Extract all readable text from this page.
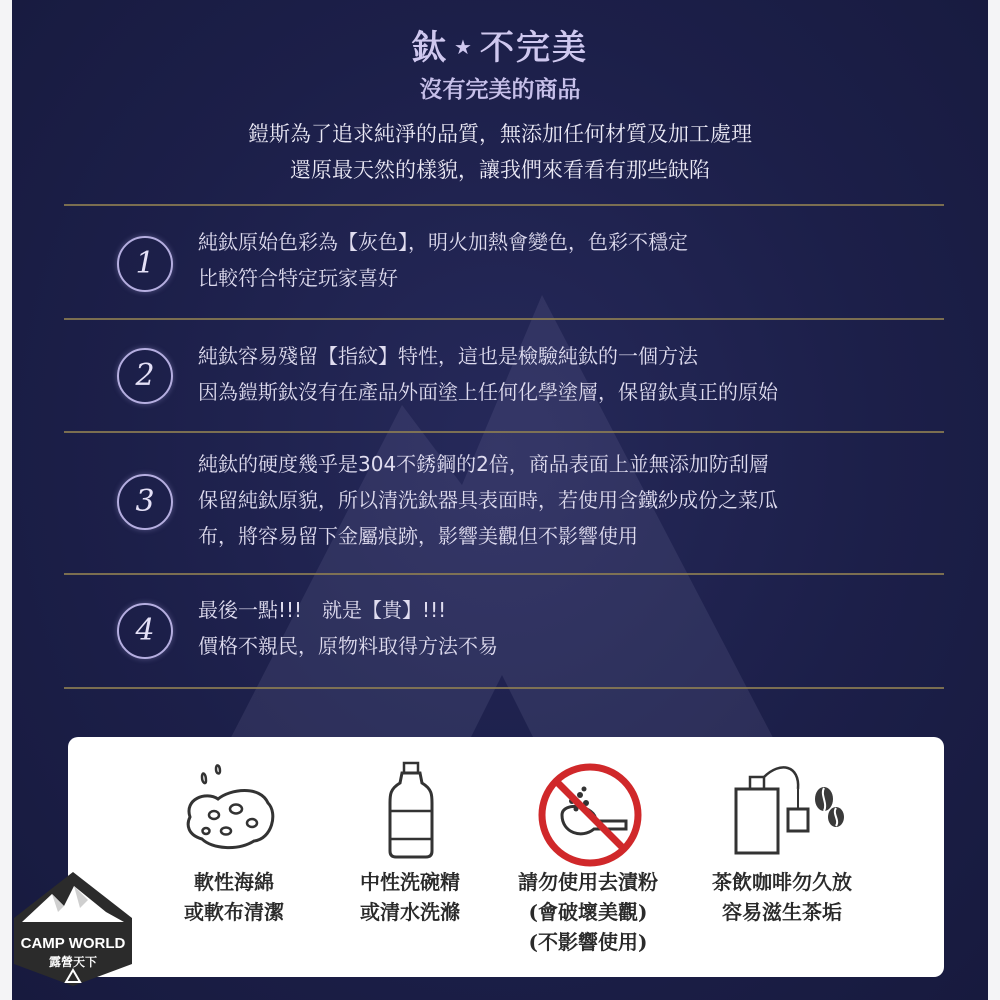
鈦 ★ 不完美
沒有完美的商品
鎧斯為了追求純淨的品質，無添加任何材質及加工處理
還原最天然的樣貌，讓我們來看看有那些缺陷
1
純鈦原始色彩為【灰色】，明火加熱會變色，色彩不穩定
比較符合特定玩家喜好
2
純鈦容易殘留【指紋】特性，這也是檢驗純鈦的一個方法
因為鎧斯鈦沒有在產品外面塗上任何化學塗層，保留鈦真正的原始
3
純鈦的硬度幾乎是304不銹鋼的2倍，商品表面上並無添加防刮層
保留純鈦原貌，所以清洗鈦器具表面時，若使用含鐵紗成份之菜瓜
布，將容易留下金屬痕跡，影響美觀但不影響使用
4
最後一點!!!　就是【貴】!!!
價格不親民，原物料取得方法不易
軟性海綿
或軟布清潔
中性洗碗精
或清水洗滌
請勿使用去漬粉
(會破壞美觀)
(不影響使用)
茶飲咖啡勿久放
容易滋生茶垢
CAMP WORLD
露營天下
